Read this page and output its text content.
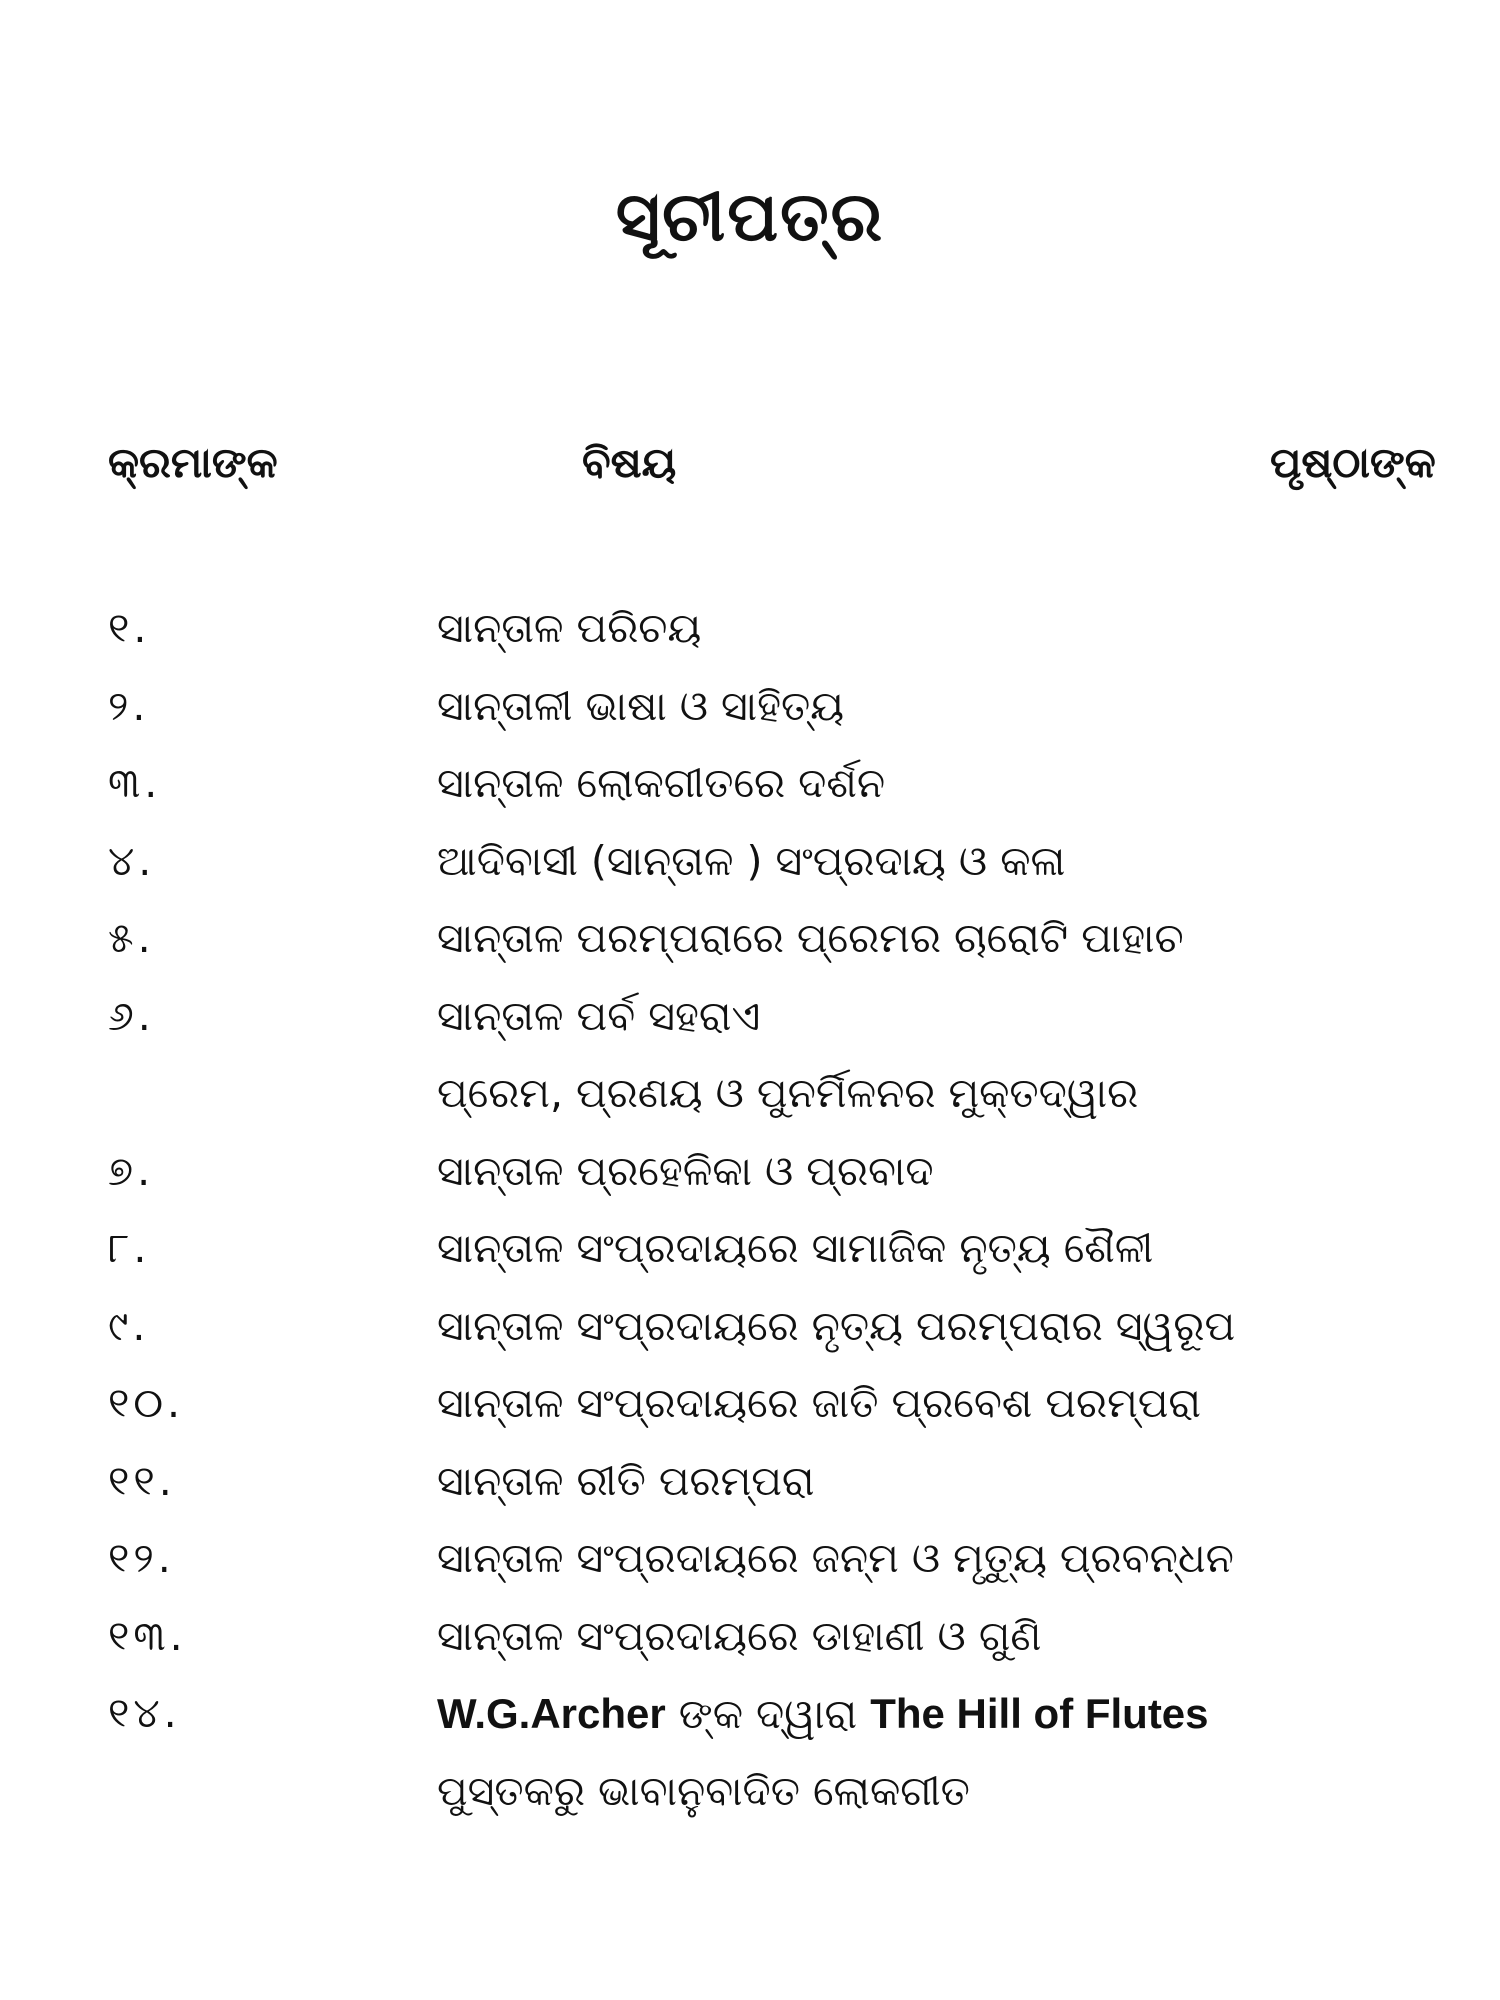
ସୂଚୀପତ୍ର
କ୍ରମାଙ୍କ	ବିଷୟ	ପୃଷ୍ଠାଙ୍କ
୧.	ସାନ୍ତାଳ ପରିଚୟ
୨.	ସାନ୍ତାଳୀ ଭାଷା ଓ ସାହିତ୍ୟ
୩.	ସାନ୍ତାଳ ଲୋକଗୀତରେ ଦର୍ଶନ
୪.	ଆଦିବାସୀ (ସାନ୍ତାଳ ) ସଂପ୍ରଦାୟ ଓ କଳା
୫.	ସାନ୍ତାଳ ପରମ୍ପରାରେ ପ୍ରେମର ଚାରୋଟି ପାହାଚ
୬.	ସାନ୍ତାଳ ପର୍ବ ସହରାଏ
ପ୍ରେମ, ପ୍ରଣୟ ଓ ପୁନର୍ମିଳନର ମୁକ୍ତଦ୍ୱାର
୭.	ସାନ୍ତାଳ ପ୍ରହେଳିକା ଓ ପ୍ରବାଦ
୮.	ସାନ୍ତାଳ ସଂପ୍ରଦାୟରେ ସାମାଜିକ ନୃତ୍ୟ ଶୈଳୀ
୯.	ସାନ୍ତାଳ ସଂପ୍ରଦାୟରେ ନୃତ୍ୟ ପରମ୍ପରାର ସ୍ୱରୂପ
୧୦.	ସାନ୍ତାଳ ସଂପ୍ରଦାୟରେ ଜାତି ପ୍ରବେଶ ପରମ୍ପରା
୧୧.	ସାନ୍ତାଳ ରୀତି ପରମ୍ପରା
୧୨.	ସାନ୍ତାଳ ସଂପ୍ରଦାୟରେ ଜନ୍ମ ଓ ମୃତ୍ୟୁ ପ୍ରବନ୍ଧନ
୧୩.	ସାନ୍ତାଳ ସଂପ୍ରଦାୟରେ ଡାହାଣୀ ଓ ଗୁଣି
୧୪.	W.G.Archer ଙ୍କ ଦ୍ୱାରା The Hill of Flutes
ପୁସ୍ତକରୁ ଭାବାନୁବାଦିତ ଲୋକଗୀତ
